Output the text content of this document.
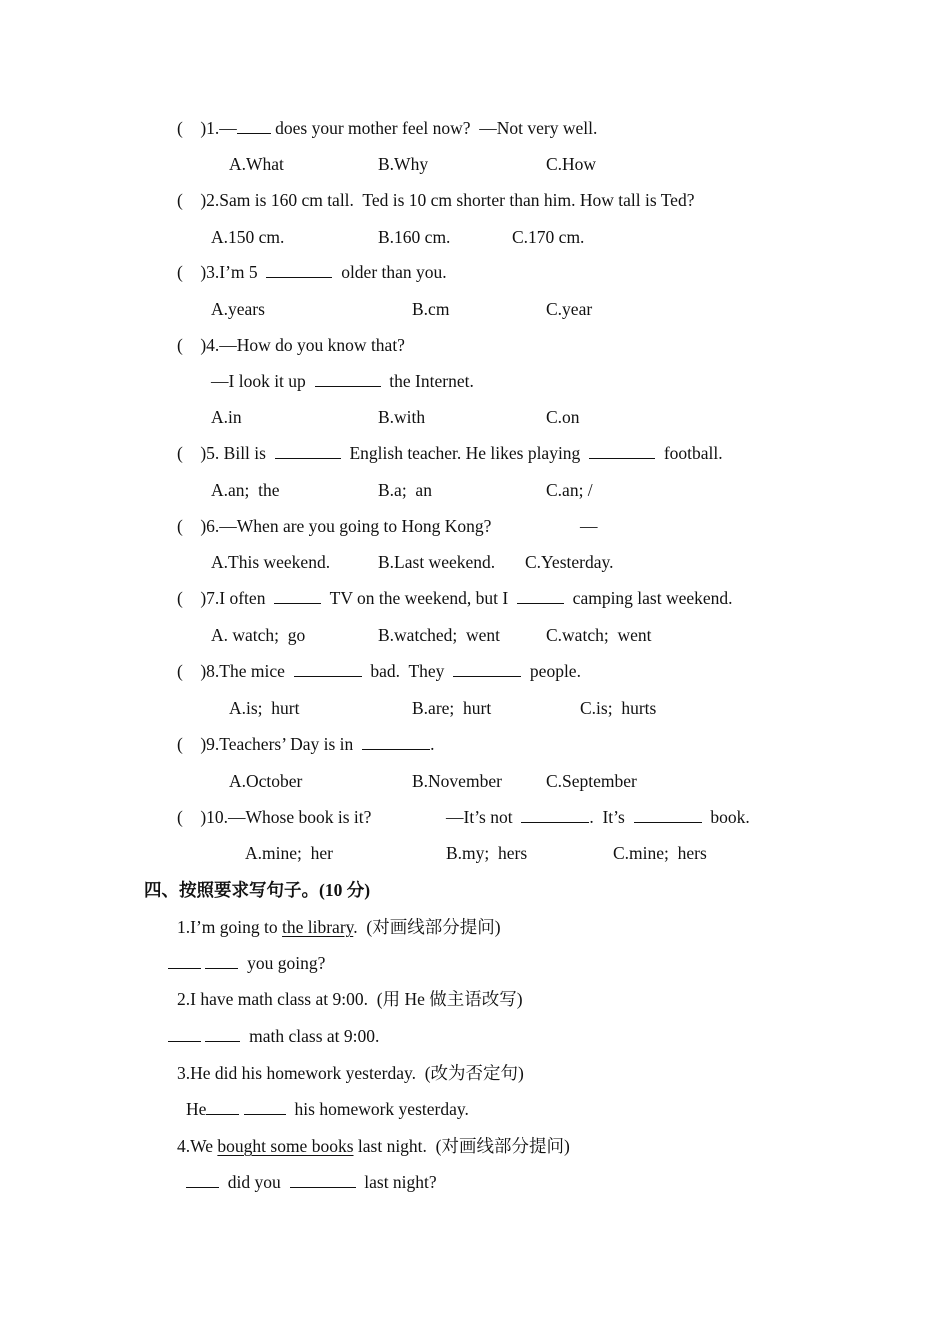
(    )1.— does your mother feel now?  —Not very well.
A.What	B.Why	C.How
(    )2.Sam is 160 cm tall.  Ted is 10 cm shorter than him. How tall is Ted?
A.150 cm.	B.160 cm.	C.170 cm.
(    )3.I’m 5	older than you.
A.years	B.cm	C.year
(    )4.—How do you know that?
—I look it up	the Internet.
A.in	B.with	C.on
(    )5. Bill is	English teacher. He likes playing	football.
A.an;  the	B.a;  an	C.an; /
(    )6.—When are you going to Hong Kong?	—
A.This weekend.	B.Last weekend. C.Yesterday.
(    )7.I often	TV on the weekend, but I	camping last weekend.
A. watch;  go	B.watched;  went	C.watch;  went
(    )8.The mice	bad.  They	people.
A.is;  hurt	B.are;  hurt	C.is;  hurts
(    )9.Teachers’ Day is in	.
A.October	B.November	C.September
(    )10.—Whose book is it?	—It’s not	.  It’s	book.
A.mine;  her	B.my;  hers	C.mine;  hers
四、按照要求写句子。(10 分)
1.I’m going to the library.  (对画线部分提问)
you going?
2.I have math class at 9:00.  (用 He 做主语改写)
math class at 9:00.
3.He did his homework yesterday.  (改为否定句)
He	his homework yesterday.
4.We bought some books last night.  (对画线部分提问)
did you	last night?
